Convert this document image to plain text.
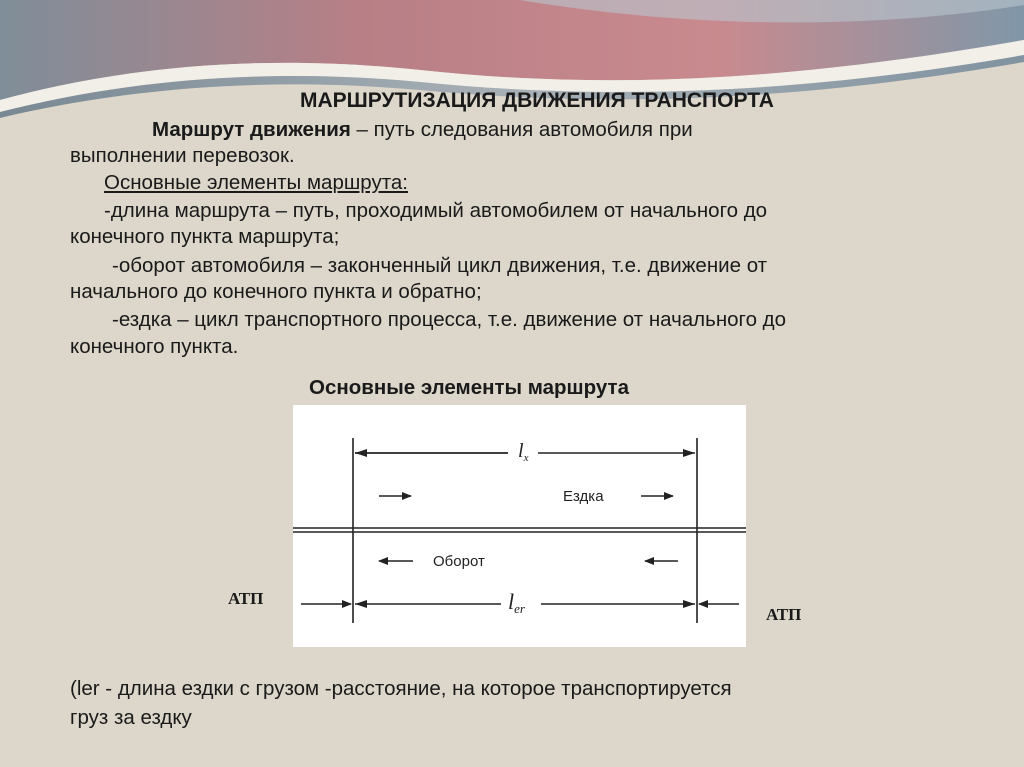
МАРШРУТИЗАЦИЯ ДВИЖЕНИЯ ТРАНСПОРТА
Маршрут движения – путь следования автомобиля при
выполнении перевозок.
Основные элементы маршрута:
-длина маршрута – путь, проходимый автомобилем от начального до
конечного пункта маршрута;
-оборот автомобиля – законченный цикл движения, т.е. движение от
начального до конечного пункта и обратно;
-ездка – цикл транспортного процесса, т.е. движение от начального до
конечного пункта.
Основные элементы маршрута
$l_x$
Ездка
Оборот
ler
АТП
АТП
(lеr - длина ездки с грузом -расстояние, на которое транспортируется
груз за ездку
